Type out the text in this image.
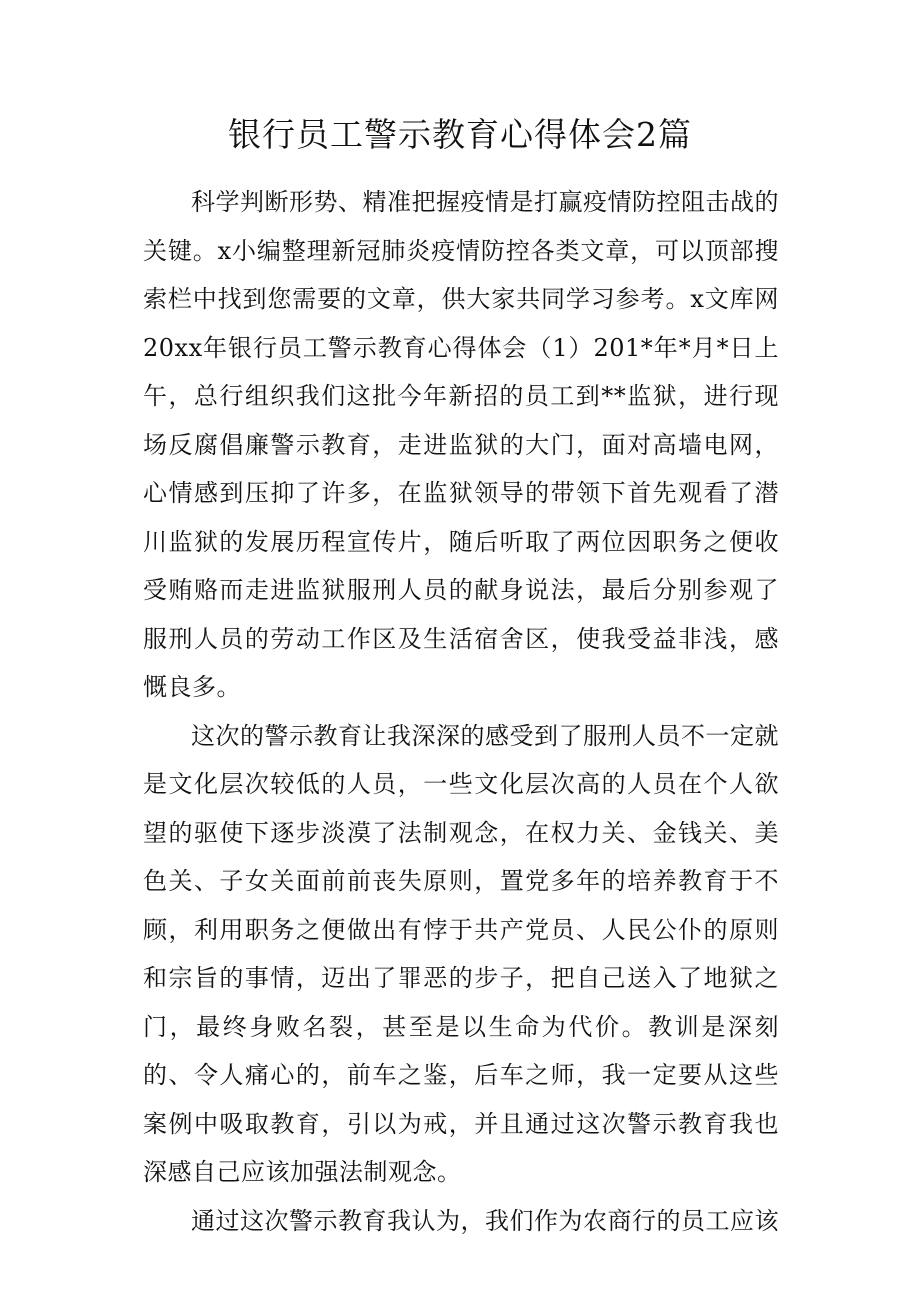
银行员工警示教育心得体会2篇

科学判断形势、精准把握疫情是打赢疫情防控阻击战的关键。x小编整理新冠肺炎疫情防控各类文章，可以顶部搜索栏中找到您需要的文章，供大家共同学习参考。x文库网20xx年银行员工警示教育心得体会（1）201*年*月*日上午，总行组织我们这批今年新招的员工到**监狱，进行现场反腐倡廉警示教育，走进监狱的大门，面对高墙电网，心情感到压抑了许多，在监狱领导的带领下首先观看了潜川监狱的发展历程宣传片，随后听取了两位因职务之便收受贿赂而走进监狱服刑人员的献身说法，最后分别参观了服刑人员的劳动工作区及生活宿舍区，使我受益非浅，感慨良多。

这次的警示教育让我深深的感受到了服刑人员不一定就是文化层次较低的人员，一些文化层次高的人员在个人欲望的驱使下逐步淡漠了法制观念，在权力关、金钱关、美色关、子女关面前前丧失原则，置党多年的培养教育于不顾，利用职务之便做出有悖于共产党员、人民公仆的原则和宗旨的事情，迈出了罪恶的步子，把自己送入了地狱之门，最终身败名裂，甚至是以生命为代价。教训是深刻的、令人痛心的，前车之鉴，后车之师，我一定要从这些案例中吸取教育，引以为戒，并且通过这次警示教育我也深感自己应该加强法制观念。

通过这次警示教育我认为，我们作为农商行的员工应该
